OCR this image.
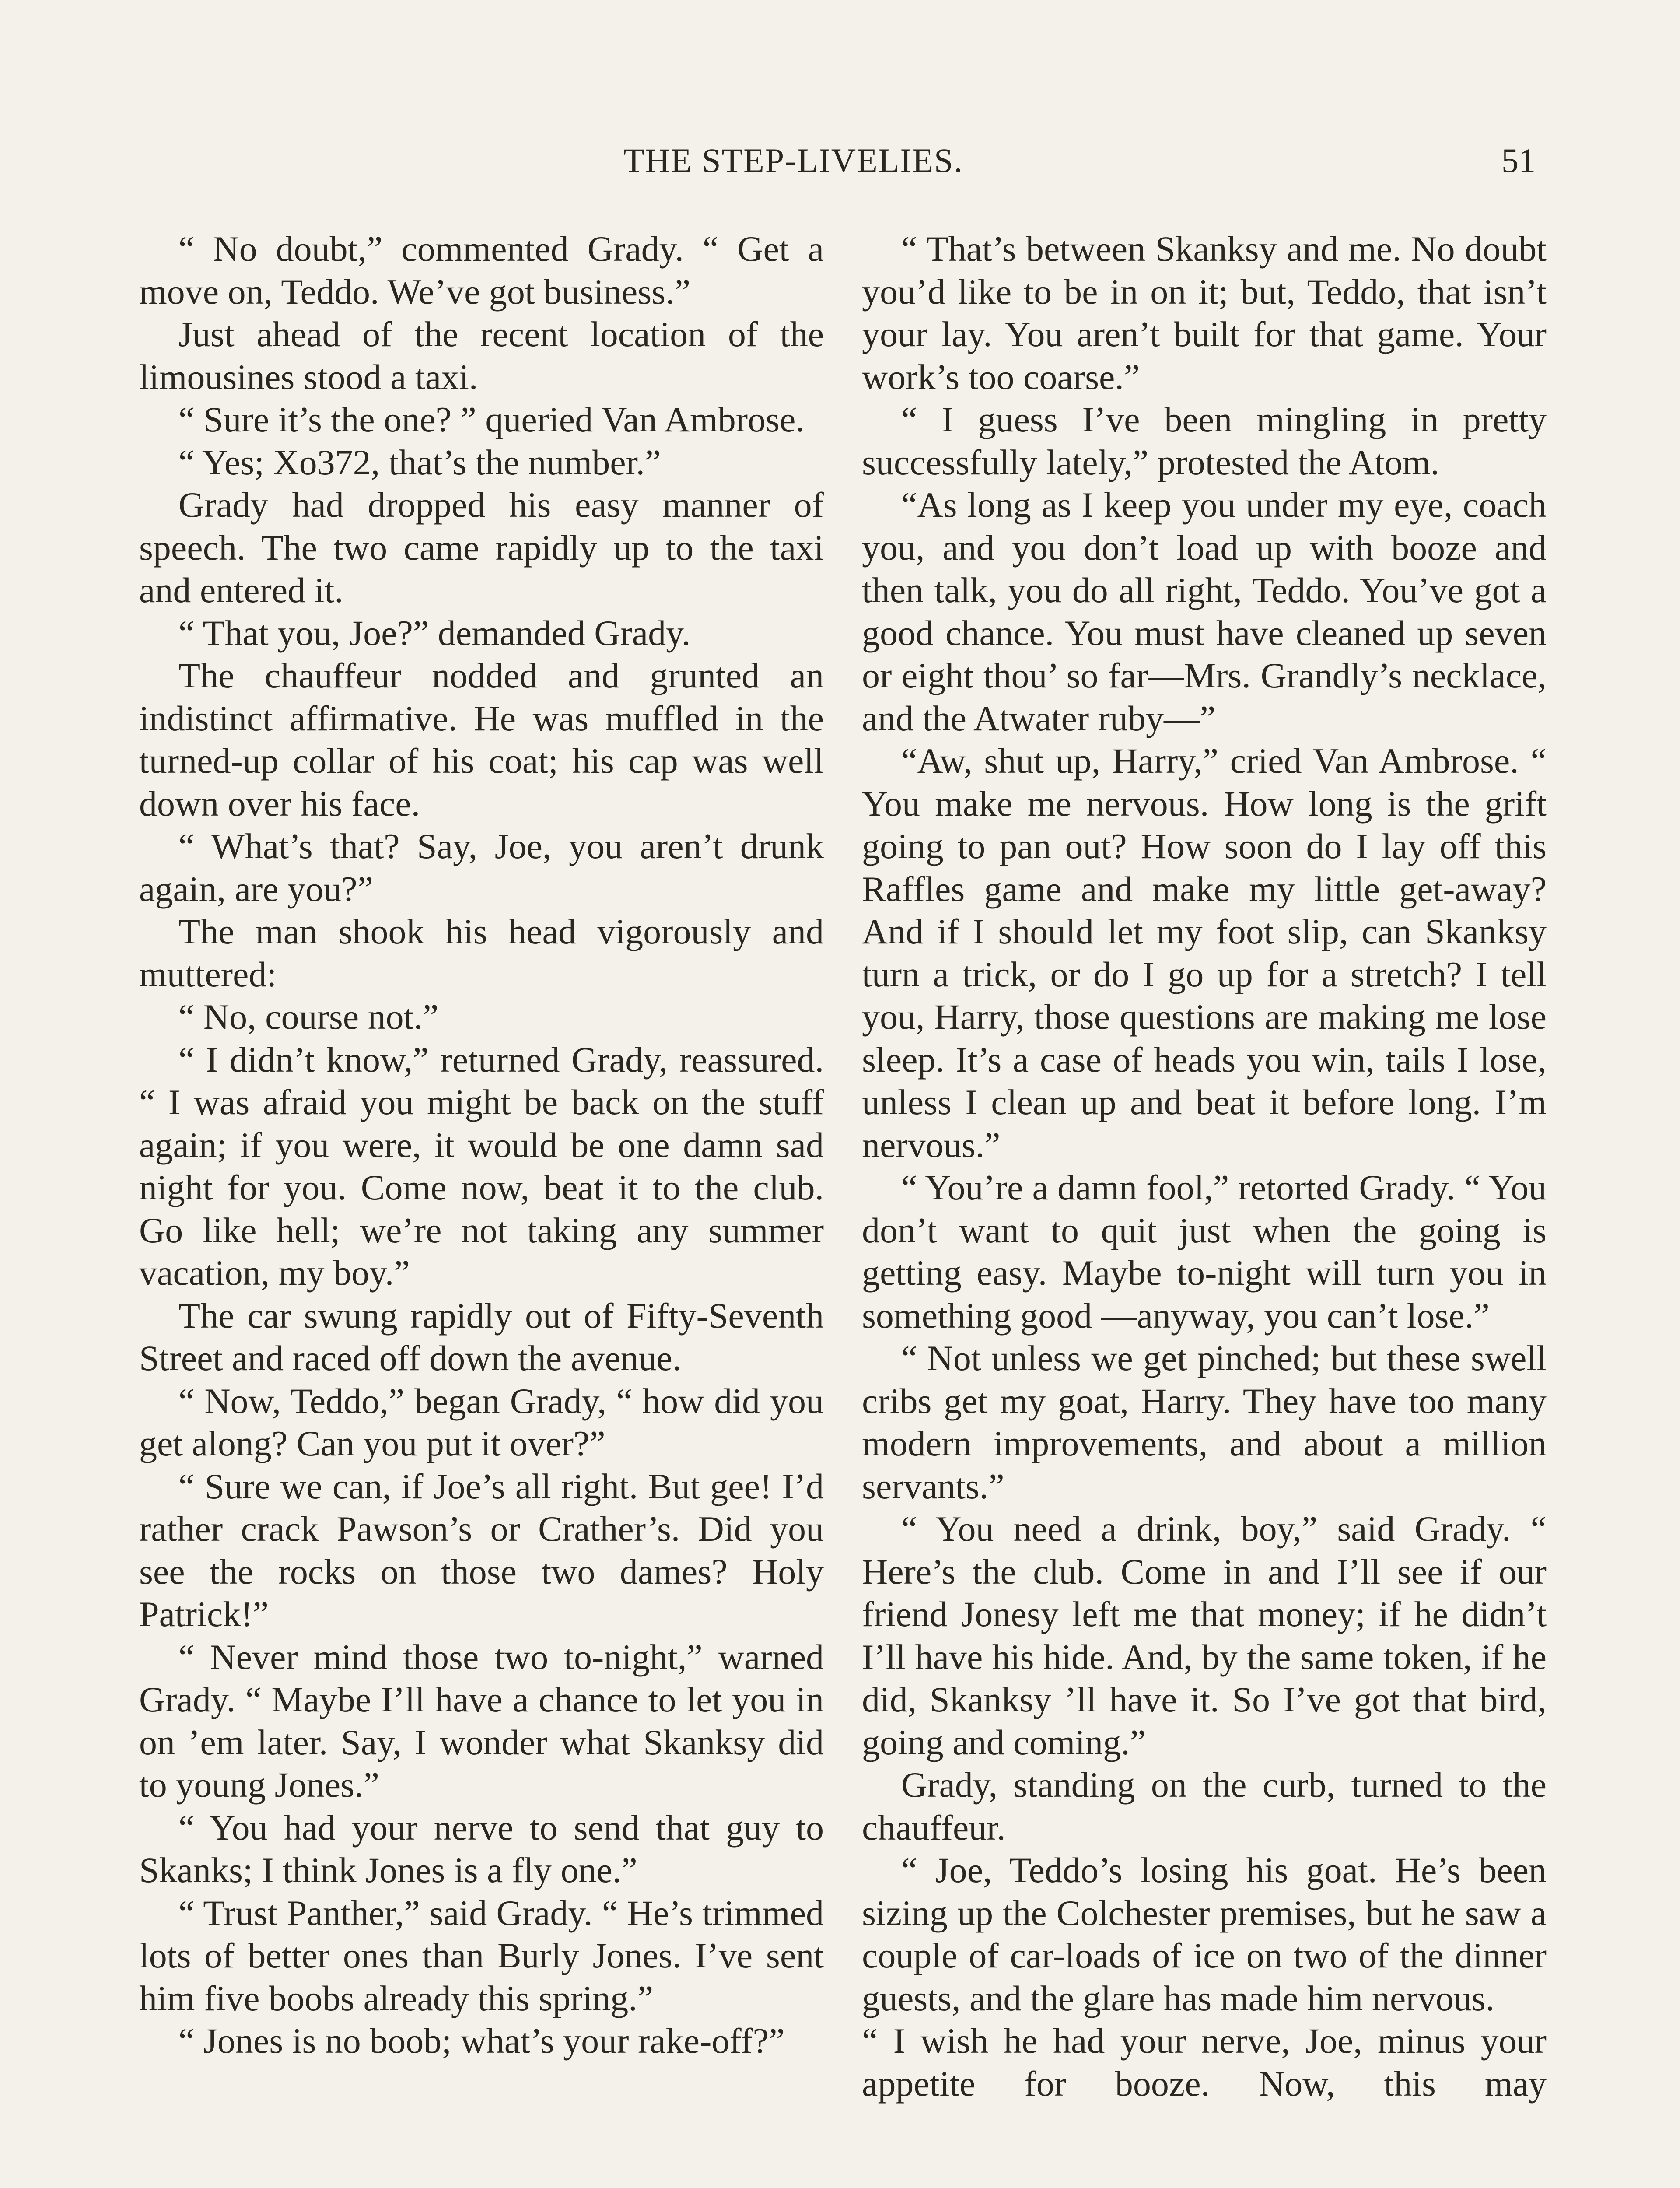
THE STEP-LIVELIES.	51

“ No doubt,” commented Grady. “ Get a move on, Teddo. We’ve got business.”

Just ahead of the recent location of the limousines stood a taxi.

“ Sure it’s the one? ” queried Van Ambrose.

“ Yes; Xo372, that’s the number.”

Grady had dropped his easy manner of speech. The two came rapidly up to the taxi and entered it.

“ That you, Joe?” demanded Grady.

The chauffeur nodded and grunted an indistinct affirmative. He was muffled in the turned-up collar of his coat; his cap was well down over his face.

“ What’s that? Say, Joe, you aren’t drunk again, are you?”

The man shook his head vigorously and muttered:

“ No, course not.”

“ I didn’t know,” returned Grady, reassured. “ I was afraid you might be back on the stuff again; if you were, it would be one damn sad night for you. Come now, beat it to the club. Go like hell; we’re not taking any summer vacation, my boy.”

The car swung rapidly out of Fifty-Seventh Street and raced off down the avenue.

“ Now, Teddo,” began Grady, “ how did you get along? Can you put it over?”

“ Sure we can, if Joe’s all right. But gee! I’d rather crack Pawson’s or Crather’s. Did you see the rocks on those two dames? Holy Patrick!”

“ Never mind those two to-night,” warned Grady. “ Maybe I’ll have a chance to let you in on ’em later. Say, I wonder what Skanksy did to young Jones.”

“ You had your nerve to send that guy to Skanks; I think Jones is a fly one.”

“ Trust Panther,” said Grady. “ He’s trimmed lots of better ones than Burly Jones. I’ve sent him five boobs already this spring.”

“ Jones is no boob; what’s your rake-off?”

“ That’s between Skanksy and me. No doubt you’d like to be in on it; but, Teddo, that isn’t your lay. You aren’t built for that game. Your work’s too coarse.”

“ I guess I’ve been mingling in pretty successfully lately,” protested the Atom.

“As long as I keep you under my eye, coach you, and you don’t load up with booze and then talk, you do all right, Teddo. You’ve got a good chance. You must have cleaned up seven or eight thou’ so far—Mrs. Grandly’s necklace, and the Atwater ruby—”

“Aw, shut up, Harry,” cried Van Ambrose. “ You make me nervous. How long is the grift going to pan out? How soon do I lay off this Raffles game and make my little get-away? And if I should let my foot slip, can Skanksy turn a trick, or do I go up for a stretch? I tell you, Harry, those questions are making me lose sleep. It’s a case of heads you win, tails I lose, unless I clean up and beat it before long. I’m nervous.”

“ You’re a damn fool,” retorted Grady. “ You don’t want to quit just when the going is getting easy. Maybe to-night will turn you in something good —anyway, you can’t lose.”

“ Not unless we get pinched; but these swell cribs get my goat, Harry. They have too many modern improvements, and about a million servants.”

“ You need a drink, boy,” said Grady. “ Here’s the club. Come in and I’ll see if our friend Jonesy left me that money; if he didn’t I’ll have his hide. And, by the same token, if he did, Skanksy ’ll have it. So I’ve got that bird, going and coming.”

Grady, standing on the curb, turned to the chauffeur.

“ Joe, Teddo’s losing his goat. He’s been sizing up the Colchester premises, but he saw a couple of car-loads of ice on two of the dinner guests, and the glare has made him nervous.

“ I wish he had your nerve, Joe, minus your appetite for booze. Now, this may
